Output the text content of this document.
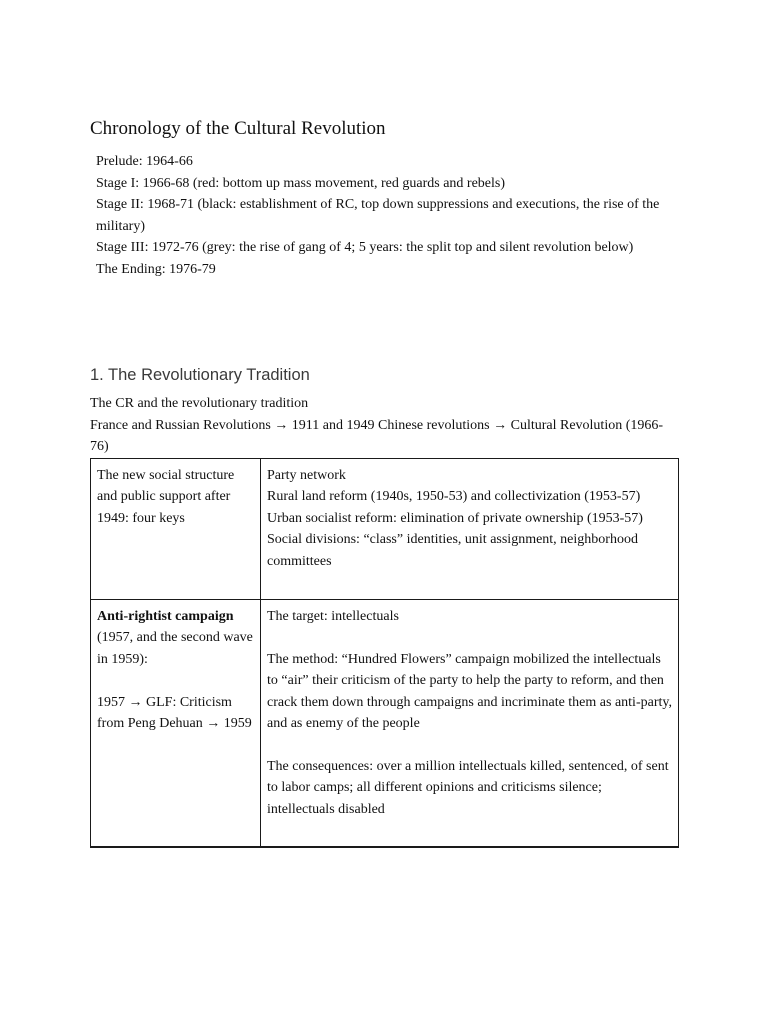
Chronology of the Cultural Revolution
Prelude: 1964-66
Stage I: 1966-68 (red: bottom up mass movement, red guards and rebels)
Stage II: 1968-71 (black: establishment of RC, top down suppressions and executions, the rise of the military)
Stage III: 1972-76 (grey: the rise of gang of 4; 5 years: the split top and silent revolution below)
The Ending: 1976-79
1. The Revolutionary Tradition
The CR and the revolutionary tradition
France and Russian Revolutions → 1911 and 1949 Chinese revolutions → Cultural Revolution (1966-76)
The new social structure and public support after 1949: four keys	Party network
Rural land reform (1940s, 1950-53) and collectivization (1953-57)
Urban socialist reform: elimination of private ownership (1953-57)
Social divisions: “class” identities, unit assignment, neighborhood committees

Anti-rightist campaign (1957, and the second wave in 1959):
1957 → GLF: Criticism from Peng Dehuan → 1959	The target: intellectuals
The method: “Hundred Flowers” campaign mobilized the intellectuals to “air” their criticism of the party to help the party to reform, and then crack them down through campaigns and incriminate them as anti-party, and as enemy of the people
The consequences: over a million intellectuals killed, sentenced, of sent to labor camps; all different opinions and criticisms silence; intellectuals disabled
